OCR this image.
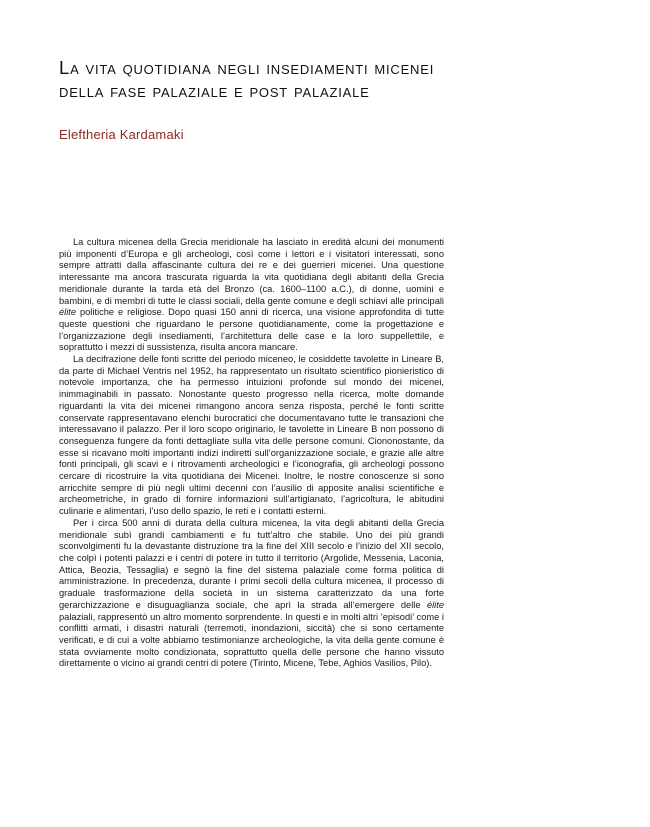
La vita quotidiana negli insediamenti micenei
della fase palaziale e post palaziale

Eleftheria Kardamaki

La cultura micenea della Grecia meridionale ha lasciato in eredità alcuni dei monumenti più imponenti d’Europa e gli archeologi, così come i lettori e i visitatori interessati, sono sempre attratti dalla affascinante cultura dei re e dei guerrieri micenei. Una questione interessante ma ancora trascurata riguarda la vita quotidiana degli abitanti della Grecia meridionale durante la tarda età del Bronzo (ca. 1600–1100 a.C.), di donne, uomini e bambini, e di membri di tutte le classi sociali, della gente comune e degli schiavi alle principali élite politiche e religiose. Dopo quasi 150 anni di ricerca, una visione approfondita di tutte queste questioni che riguardano le persone quotidianamente, come la progettazione e l’organizzazione degli insediamenti, l’architettura delle case e la loro suppellettile, e soprattutto i mezzi di sussistenza, risulta ancora mancare.

La decifrazione delle fonti scritte del periodo miceneo, le cosiddette tavolette in Lineare B, da parte di Michael Ventris nel 1952, ha rappresentato un risultato scientifico pionieristico di notevole importanza, che ha permesso intuizioni profonde sul mondo dei micenei, inimmaginabili in passato. Nonostante questo progresso nella ricerca, molte domande riguardanti la vita dei micenei rimangono ancora senza risposta, perché le fonti scritte conservate rappresentavano elenchi burocratici che documentavano tutte le transazioni che interessavano il palazzo. Per il loro scopo originario, le tavolette in Lineare B non possono di conseguenza fungere da fonti dettagliate sulla vita delle persone comuni. Ciononostante, da esse si ricavano molti importanti indizi indiretti sull’organizzazione sociale, e grazie alle altre fonti principali, gli scavi e i ritrovamenti archeologici e l’iconografia, gli archeologi possono cercare di ricostruire la vita quotidiana dei Micenei. Inoltre, le nostre conoscenze si sono arricchite sempre di più negli ultimi decenni con l’ausilio di apposite analisi scientifiche e archeometriche, in grado di fornire informazioni sull’artigianato, l’agricoltura, le abitudini culinarie e alimentari, l’uso dello spazio, le reti e i contatti esterni.

Per i circa 500 anni di durata della cultura micenea, la vita degli abitanti della Grecia meridionale subì grandi cambiamenti e fu tutt’altro che stabile. Uno dei più grandi sconvolgimenti fu la devastante distruzione tra la fine del XIII secolo e l’inizio del XII secolo, che colpì i potenti palazzi e i centri di potere in tutto il territorio (Argolide, Messenia, Laconia, Attica, Beozia, Tessaglia) e segnò la fine del sistema palaziale come forma politica di amministrazione. In precedenza, durante i primi secoli della cultura micenea, il processo di graduale trasformazione della società in un sistema caratterizzato da una forte gerarchizzazione e disuguaglianza sociale, che aprì la strada all’emergere delle élite palaziali, rappresentò un altro momento sorprendente. In questi e in molti altri ‘episodi’ come i conflitti armati, i disastri naturali (terremoti, inondazioni, siccità) che si sono certamente verificati, e di cui a volte abbiamo testimonianze archeologiche, la vita della gente comune è stata ovviamente molto condizionata, soprattutto quella delle persone che hanno vissuto direttamente o vicino ai grandi centri di potere (Tirinto, Micene, Tebe, Aghios Vasilios, Pilo).
